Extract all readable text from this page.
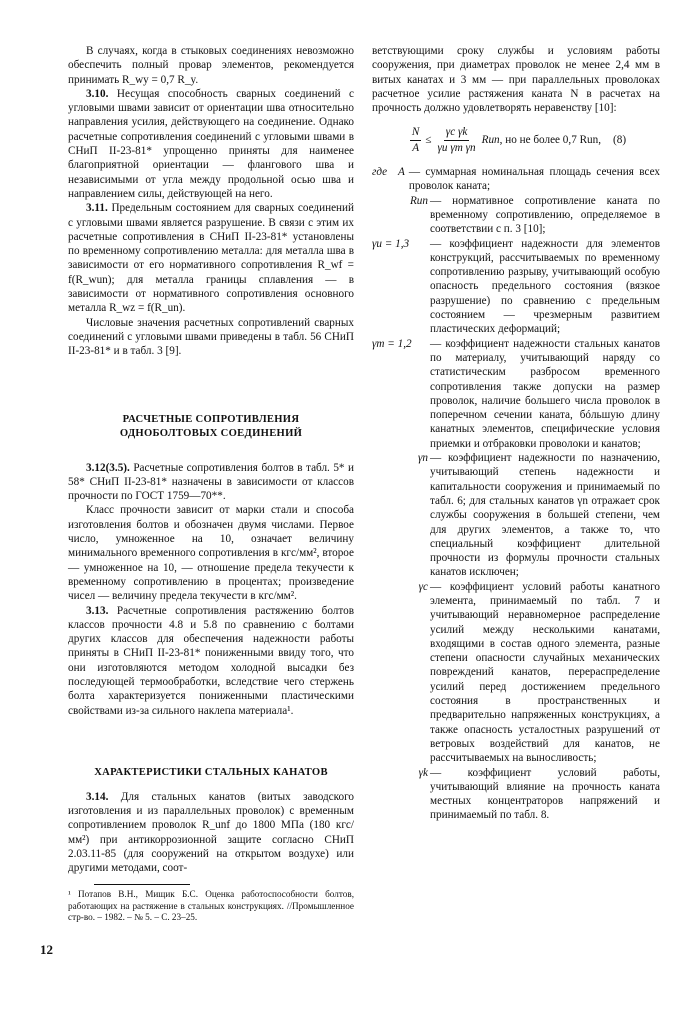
В случаях, когда в стыковых соединениях невозможно обеспечить полный провар элементов, рекомендуется принимать R_wy = 0,7 R_y.

3.10. Несущая способность сварных соединений с угловыми швами зависит от ориентации шва относительно направления усилия, действующего на соединение. Однако расчетные сопротивления соединений с угловыми швами в СНиП II-23-81* упрощенно приняты для наименее благоприятной ориентации — флангового шва и независимыми от угла между продольной осью шва и направлением силы, действующей на него.

3.11. Предельным состоянием для сварных соединений с угловыми швами является разрушение. В связи с этим их расчетные сопротивления в СНиП II-23-81* установлены по временному сопротивлению металла: для металла шва в зависимости от его нормативного сопротивления R_wf = f(R_wun); для металла границы сплавления — в зависимости от нормативного сопротивления основного металла R_wz = f(R_un).

Числовые значения расчетных сопротивлений сварных соединений с угловыми швами приведены в табл. 56 СНиП II-23-81* и в табл. 3 [9].

РАСЧЕТНЫЕ СОПРОТИВЛЕНИЯ
ОДНОБОЛТОВЫХ СОЕДИНЕНИЙ

3.12(3.5). Расчетные сопротивления болтов в табл. 5* и 58* СНиП II-23-81* назначены в зависимости от классов прочности по ГОСТ 1759—70**.

Класс прочности зависит от марки стали и способа изготовления болтов и обозначен двумя числами. Первое число, умноженное на 10, означает величину минимального временного сопротивления в кгс/мм², второе — умноженное на 10, — отношение предела текучести к временному сопротивлению в процентах; произведение чисел — величину предела текучести в кгс/мм².

3.13. Расчетные сопротивления растяжению болтов классов прочности 4.8 и 5.8 по сравнению с болтами других классов для обеспечения надежности работы приняты в СНиП II-23-81* пониженными ввиду того, что они изготовляются методом холодной высадки без последующей термообработки, вследствие чего стержень болта характеризуется пониженными пластическими свойствами из-за сильного наклепа материала¹.

ХАРАКТЕРИСТИКИ СТАЛЬНЫХ КАНАТОВ

3.14. Для стальных канатов (витых заводского изготовления и из параллельных проволок) с временным сопротивлением проволок R_unf до 1800 МПа (180 кгс/мм²) при антикоррозионной защите согласно СНиП 2.03.11-85 (для сооружений на открытом воздухе) или другими методами, соот-

ветствующими сроку службы и условиям работы сооружения, при диаметрах проволок не менее 2,4 мм в витых канатах и 3 мм — при параллельных проволоках расчетное усилие растяжения каната N в расчетах на прочность должно удовлетворять неравенству [10]:

$\frac{N}{A} \le \frac{\text{γc γk}}{\text{γu γm γn}}$ Run , но не более 0,7 Run, (8)
где A — суммарная номинальная площадь сечения всех проволок каната;
Run — нормативное сопротивление каната по временному сопротивлению, определяемое в соответствии с п. 3 [10];
γu = 1,3	— коэффициент надежности для элементов конструкций, рассчитываемых по временному сопротивлению разрыву, учитывающий особую опасность предельного состояния (вязкое разрушение) по сравнению с предельным состоянием — чрезмерным развитием пластических деформаций;
γm = 1,2	— коэффициент надежности стальных канатов по материалу, учитывающий наряду со статистическим разбросом временного сопротивления также допуски на размер проволок, наличие большего числа проволок в поперечном сечении каната, бóльшую длину канатных элементов, специфические условия приемки и отбраковки проволоки и канатов;
γn — коэффициент надежности по назначению, учитывающий степень надежности и капитальности сооружения и принимаемый по табл. 6; для стальных канатов γn отражает срок службы сооружения в большей степени, чем для других элементов, а также то, что специальный коэффициент длительной прочности из формулы прочности стальных канатов исключен;
γc — коэффициент условий работы канатного элемента, принимаемый по табл. 7 и учитывающий неравномерное распределение усилий между несколькими канатами, входящими в состав одного элемента, разные степени опасности случайных механических повреждений канатов, перераспределение усилий перед достижением предельного состояния в пространственных и предварительно напряженных конструкциях, а также опасность усталостных разрушений от ветровых воздействий для канатов, не рассчитываемых на выносливость;
γk — коэффициент условий работы, учитывающий влияние на прочность каната местных концентраторов напряжений и принимаемый по табл. 8.
¹ Потапов В.Н., Мищик Б.С. Оценка работоспособности болтов, работающих на растяжение в стальных конструкциях. //Промышленное стр-во. – 1982. – № 5. – С. 23–25.
12
